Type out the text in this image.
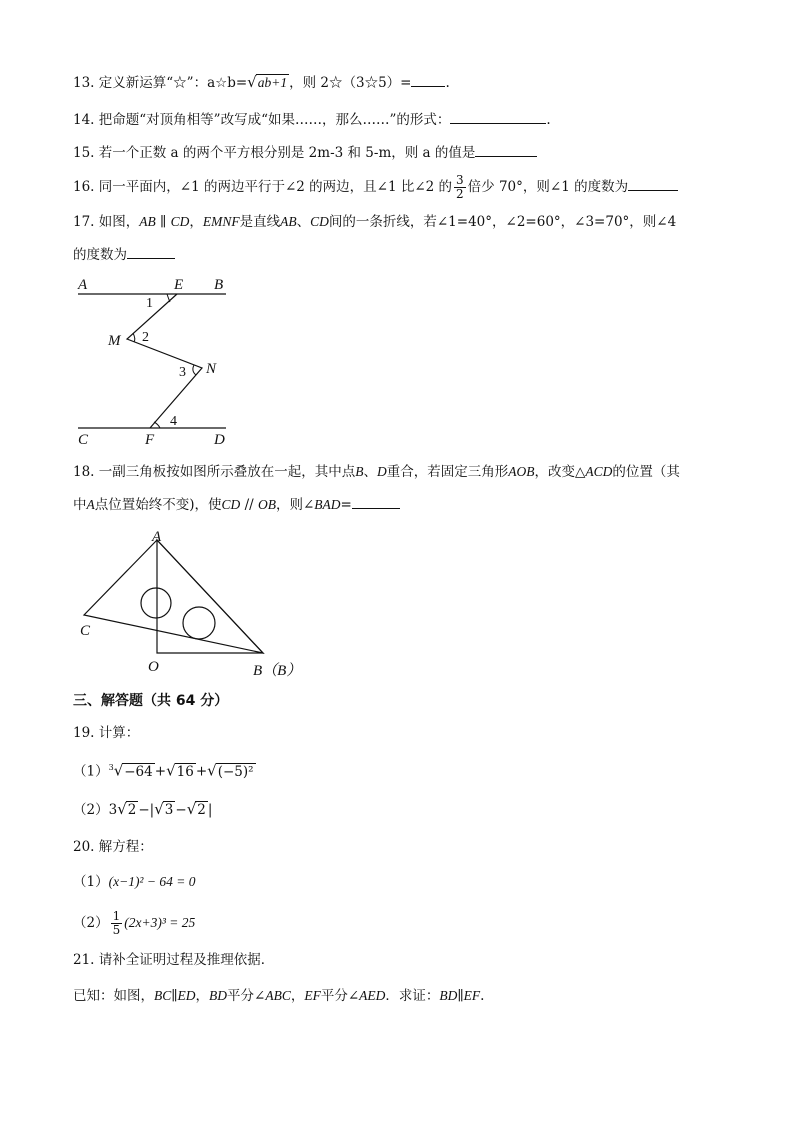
13. 定义新运算“☆”：a☆b=√ab+1 ，则 2☆（3☆5）=	.
14. 把命题“对顶角相等”改写成“如果……，那么……”的形式：	.
15. 若一个正数 a 的两个平方根分别是 2m-3 和 5-m，则 a 的值是
16. 同一平面内，∠1 的两边平行于∠2 的两边，且∠1 比∠2 的 $\frac{3}{2}$ 倍少 70°，则∠1 的度数为
17. 如图，AB ∥ CD，EMNF是直线AB、CD间的一条折线，若∠1=40°，∠2=60°，∠3=70°，则∠4
的度数为
A	E B
1
M 2
3 N
4
C	F	D
18. 一副三角板按如图所示叠放在一起，其中点B、D重合，若固定三角形AOB，改变△ACD的位置（其
中A点位置始终不变)，使CD // OB，则∠BAD=
A
C
O	B（B）
三、解答题（共 64 分）
19. 计算：
$(1)^3√-64 +√16 +√(-5)^2$
（2）3√2 −|√3 −√2 |
20. 解方程：
（1）(x−1)² − 64 = 0
$(2) \frac{1}{5} (2x+3)^3 = 25$
21. 请补全证明过程及推理依据．
已知：如图，BC∥ED，BD平分∠ABC，EF平分∠AED．求证：BD∥EF.
